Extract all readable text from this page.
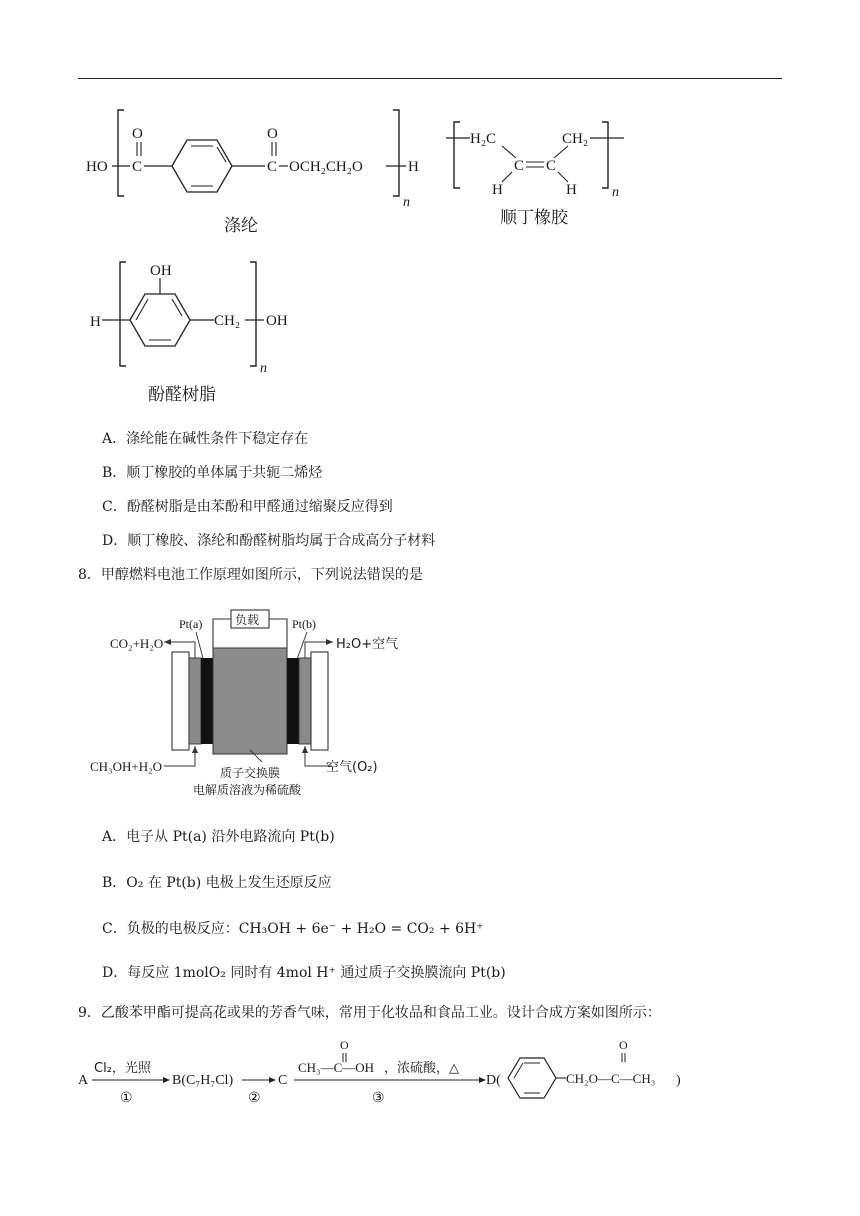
HO C
O
C
O
OCH₂CH₂O	H
n
涤纶
H₂C	CH₂
C C
H	H	n
顺丁橡胶
H
OH
CH₂ OH
n
酚醛树脂
A．涤纶能在碱性条件下稳定存在
B．顺丁橡胶的单体属于共轭二烯烃
C．酚醛树脂是由苯酚和甲醛通过缩聚反应得到
D．顺丁橡胶、涤纶和酚醛树脂均属于合成高分子材料
8．甲醇燃料电池工作原理如图所示，下列说法错误的是
负载
Pt(a)	Pt(b)
CO₂+H₂O	H₂O+空气
CH₃OH+H₂O	空气(O₂)
质子交换膜
电解质溶液为稀硫酸
A．电子从 Pt(a) 沿外电路流向 Pt(b)
B．O₂ 在 Pt(b) 电极上发生还原反应
C．负极的电极反应：CH₃OH + 6e⁻ + H₂O = CO₂ + 6H⁺
D．每反应 1molO₂ 同时有 4mol H⁺ 通过质子交换膜流向 Pt(b)
9．乙酸苯甲酯可提高花或果的芳香气味，常用于化妆品和食品工业。设计合成方案如图所示：
A
Cl₂，光照
①
B(C₇H₇Cl)
②
C
O
CH₃—C—OH ，浓硫酸，△
③
D(	CH₂O—C—CH₃
O
)
